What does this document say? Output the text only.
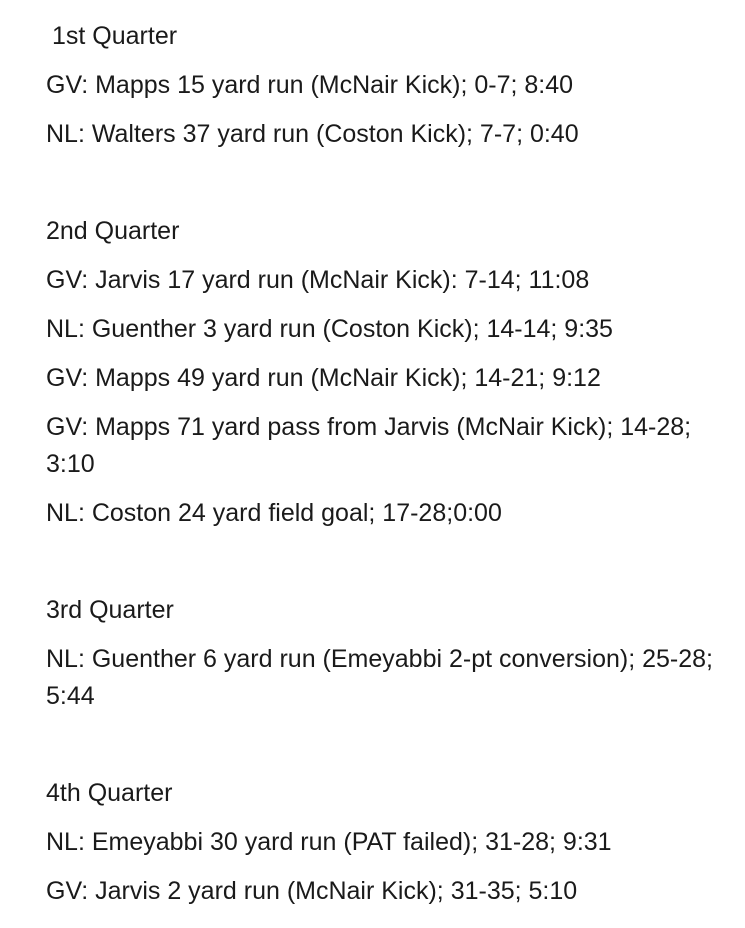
1st Quarter
GV: Mapps 15 yard run (McNair Kick); 0-7; 8:40
NL: Walters 37 yard run (Coston Kick); 7-7; 0:40
2nd Quarter
GV: Jarvis 17 yard run (McNair Kick): 7-14; 11:08
NL: Guenther 3 yard run (Coston Kick); 14-14; 9:35
GV: Mapps 49 yard run (McNair Kick); 14-21; 9:12
GV: Mapps 71 yard pass from Jarvis (McNair Kick); 14-28; 3:10
NL: Coston 24 yard field goal; 17-28;0:00
3rd Quarter
NL: Guenther 6 yard run (Emeyabbi 2-pt conversion); 25-28; 5:44
4th Quarter
NL: Emeyabbi 30 yard run (PAT failed); 31-28; 9:31
GV: Jarvis 2 yard run (McNair Kick); 31-35; 5:10
